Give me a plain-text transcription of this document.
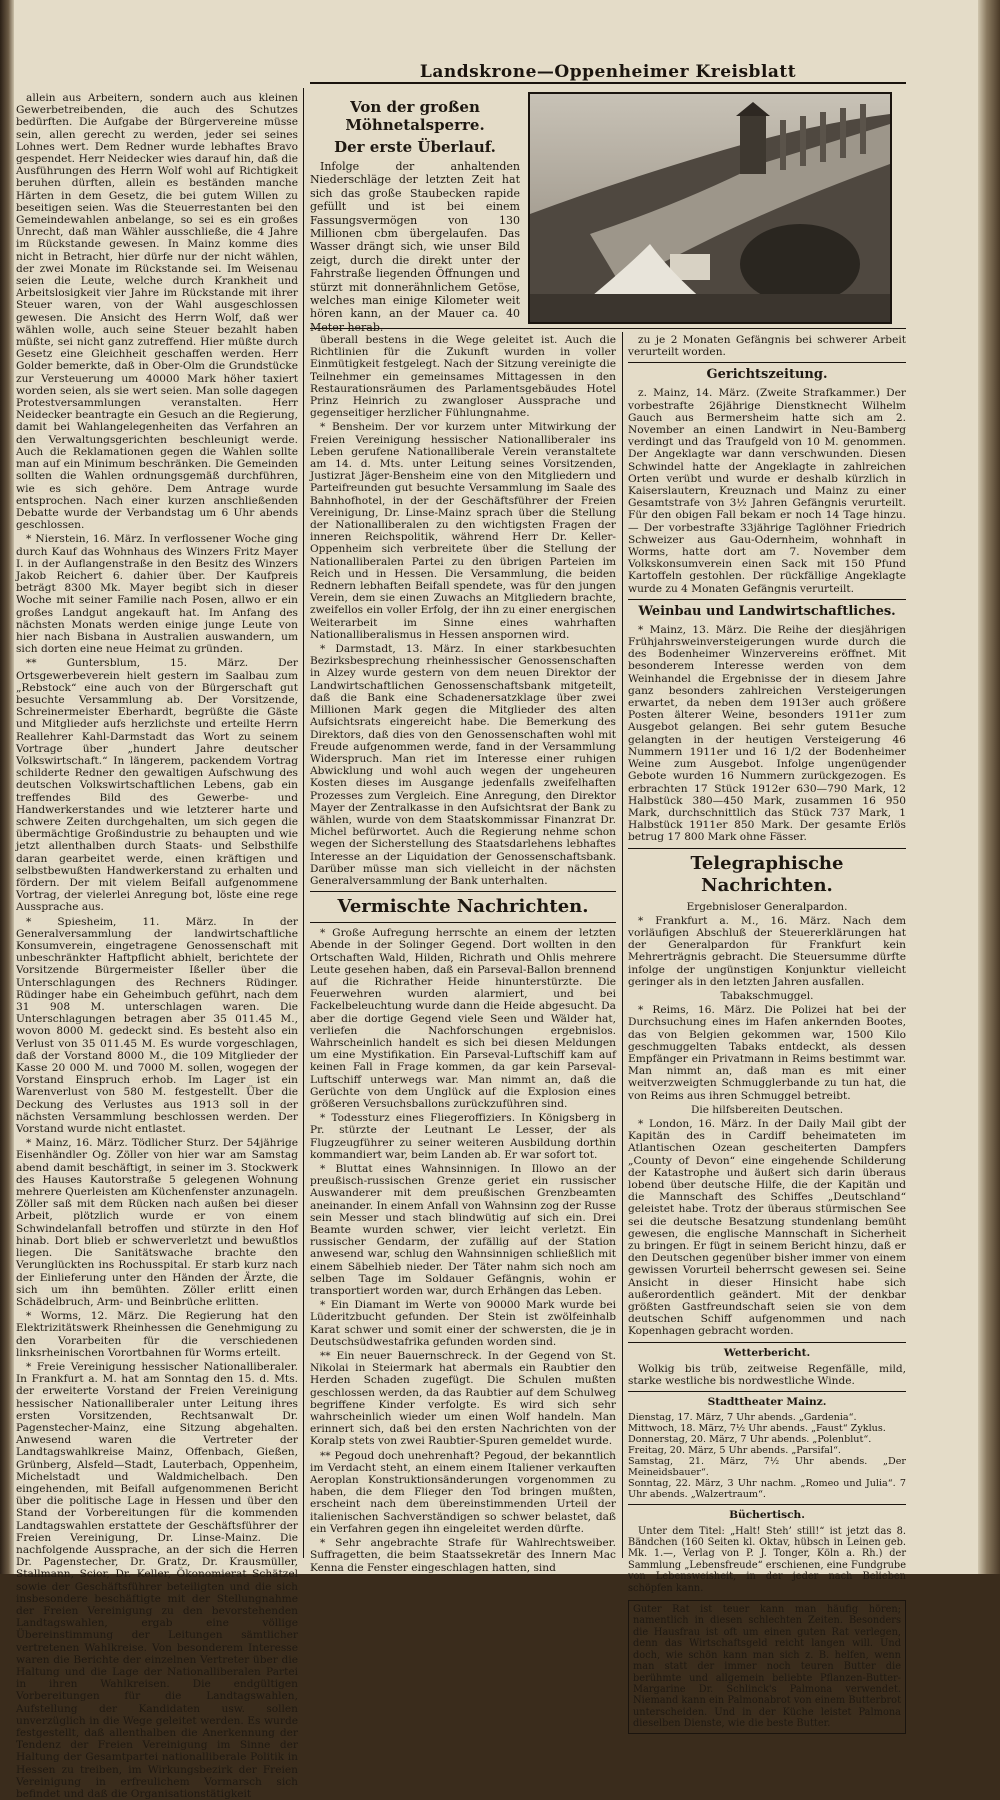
Landskrone—Oppenheimer Kreisblatt

allein aus Arbeitern, sondern auch aus kleinen Gewerbetreibenden, die auch des Schutzes bedürften. Die Aufgabe der Bürgervereine müsse sein, allen gerecht zu werden, jeder sei seines Lohnes wert. Dem Redner wurde lebhaftes Bravo gespendet. Herr Neidecker wies darauf hin, daß die Ausführungen des Herrn Wolf wohl auf Richtigkeit beruhen dürften, allein es beständen manche Härten in dem Gesetz, die bei gutem Willen zu beseitigen seien. Was die Steuerrestanten bei den Gemeindewahlen anbelange, so sei es ein großes Unrecht, daß man Wähler ausschließe, die 4 Jahre im Rückstande gewesen. In Mainz komme dies nicht in Betracht, hier dürfe nur der nicht wählen, der zwei Monate im Rückstande sei. Im Weisenau seien die Leute, welche durch Krankheit und Arbeitslosigkeit vier Jahre im Rückstande mit ihrer Steuer waren, von der Wahl ausgeschlossen gewesen. Die Ansicht des Herrn Wolf, daß wer wählen wolle, auch seine Steuer bezahlt haben müßte, sei nicht ganz zutreffend. Hier müßte durch Gesetz eine Gleichheit geschaffen werden. Herr Golder bemerkte, daß in Ober-Olm die Grundstücke zur Versteuerung um 40000 Mark höher taxiert worden seien, als sie wert seien. Man solle dagegen Protestversammlungen veranstalten. Herr Neidecker beantragte ein Gesuch an die Regierung, damit bei Wahlangelegenheiten das Verfahren an den Verwaltungsgerichten beschleunigt werde. Auch die Reklamationen gegen die Wahlen sollte man auf ein Minimum beschränken. Die Gemeinden sollten die Wahlen ordnungsgemäß durchführen, wie es sich gehöre. Dem Antrage wurde entsprochen. Nach einer kurzen anschließenden Debatte wurde der Verbandstag um 6 Uhr abends geschlossen.

* Nierstein, 16. März. In verflossener Woche ging durch Kauf das Wohnhaus des Winzers Fritz Mayer I. in der Auflangenstraße in den Besitz des Winzers Jakob Reichert 6. dahier über. Der Kaufpreis beträgt 8300 Mk. Mayer begibt sich in dieser Woche mit seiner Familie nach Posen, allwo er ein großes Landgut angekauft hat. Im Anfang des nächsten Monats werden einige junge Leute von hier nach Bisbana in Australien auswandern, um sich dorten eine neue Heimat zu gründen.

** Guntersblum, 15. März. Der Ortsgewerbeverein hielt gestern im Saalbau zum „Rebstock“ eine auch von der Bürgerschaft gut besuchte Versammlung ab. Der Vorsitzende, Schreinermeister Eberhardt, begrüßte die Gäste und Mitglieder aufs herzlichste und erteilte Herrn Reallehrer Kahl-Darmstadt das Wort zu seinem Vortrage über „hundert Jahre deutscher Volkswirtschaft.“ In längerem, packendem Vortrag schilderte Redner den gewaltigen Aufschwung des deutschen Volkswirtschaftlichen Lebens, gab ein treffendes Bild des Gewerbe- und Handwerkerstandes und wie letzterer harte und schwere Zeiten durchgehalten, um sich gegen die übermächtige Großindustrie zu behaupten und wie jetzt allenthalben durch Staats- und Selbsthilfe daran gearbeitet werde, einen kräftigen und selbstbewußten Handwerkerstand zu erhalten und fördern. Der mit vielem Beifall aufgenommene Vortrag, der vielerlei Anregung bot, löste eine rege Aussprache aus.

* Spiesheim, 11. März. In der Generalversammlung der landwirtschaftliche Konsumverein, eingetragene Genossenschaft mit unbeschränkter Haftpflicht abhielt, berichtete der Vorsitzende Bürgermeister Ißeller über die Unterschlagungen des Rechners Rüdinger. Rüdinger habe ein Geheimbuch geführt, nach dem 31 908 M. unterschlagen waren. Die Unterschlagungen betragen aber 35 011.45 M., wovon 8000 M. gedeckt sind. Es besteht also ein Verlust von 35 011.45 M. Es wurde vorgeschlagen, daß der Vorstand 8000 M., die 109 Mitglieder der Kasse 20 000 M. und 7000 M. sollen, wogegen der Vorstand Einspruch erhob. Im Lager ist ein Warenverlust von 580 M. festgestellt. Über die Deckung des Verlustes aus 1913 soll in der nächsten Versammlung beschlossen werden. Der Vorstand wurde nicht entlastet.

* Mainz, 16. März. Tödlicher Sturz. Der 54jährige Eisenhändler Og. Zöller von hier war am Samstag abend damit beschäftigt, in seiner im 3. Stockwerk des Hauses Kautorstraße 5 gelegenen Wohnung mehrere Querleisten am Küchenfenster anzunageln. Zöller saß mit dem Rücken nach außen bei dieser Arbeit, plötzlich wurde er von einem Schwindelanfall betroffen und stürzte in den Hof hinab. Dort blieb er schwerverletzt und bewußtlos liegen. Die Sanitätswache brachte den Verunglückten ins Rochusspital. Er starb kurz nach der Einlieferung unter den Händen der Ärzte, die sich um ihn bemühten. Zöller erlitt einen Schädelbruch, Arm- und Beinbrüche erlitten.

* Worms, 12. März. Die Regierung hat den Elektrizitätswerk Rheinhessen die Genehmigung zu den Vorarbeiten für die verschiedenen linksrheinischen Vorortbahnen für Worms erteilt.

* Freie Vereinigung hessischer Nationalliberaler. In Frankfurt a. M. hat am Sonntag den 15. d. Mts. der erweiterte Vorstand der Freien Vereinigung hessischer Nationalliberaler unter Leitung ihres ersten Vorsitzenden, Rechtsanwalt Dr. Pagenstecher-Mainz, eine Sitzung abgehalten. Anwesend waren die Vertreter der Landtagswahlkreise Mainz, Offenbach, Gießen, Grünberg, Alsfeld—Stadt, Lauterbach, Oppenheim, Michelstadt und Waldmichelbach. Den eingehenden, mit Beifall aufgenommenen Bericht über die politische Lage in Hessen und über den Stand der Vorbereitungen für die kommenden Landtagswahlen erstattete der Geschäftsführer der Freien Vereinigung, Dr. Linse-Mainz. Die nachfolgende Aussprache, an der sich die Herren Dr. Pagenstecher, Dr. Gratz, Dr. Krausmüller, Stallmann, Scior, Dr. Keller, Ökonomierat Schätzel sowie der Geschäftsführer beteiligten und die sich insbesondere beschäftigte mit der Stellungnahme der Freien Vereinigung zu den bevorstehenden Landtagswahlen, ergab eine völlige Übereinstimmung der Leitungen sämtlicher vertretenen Wahlkreise. Von besonderem Interesse waren die Berichte der einzelnen Vertreter über die Haltung und die Lage der Nationalliberalen Partei in ihren Wahlkreisen. Die endgültigen Vorbereitungen für die Landtagswahlen, Aufstellung der Kandidaten usw. sollen unverzüglich in die Wege geleitet werden. Es wurde festgestellt, daß allenthalben die Anerkennung der Tendenz der Freien Vereinigung im Sinne der Haltung der Gesamtpartei nationalliberale Politik in Hessen zu treiben, im Wirkungsbezirk der Freien Vereinigung in erfreulichem Vormarsch sich befindet und daß die Organisationstätigkeit

Von der großen Möhnetalsperre.
Der erste Überlauf.

Infolge der anhaltenden Niederschläge der letzten Zeit hat sich das große Staubecken rapide gefüllt und ist bei einem Fassungsvermögen von 130 Millionen cbm übergelaufen. Das Wasser drängt sich, wie unser Bild zeigt, durch die direkt unter der Fahrstraße liegenden Öffnungen und stürzt mit donnerähnlichem Getöse, welches man einige Kilometer weit hören kann, an der Mauer ca. 40 Meter herab.

überall bestens in die Wege geleitet ist. Auch die Richtlinien für die Zukunft wurden in voller Einmütigkeit festgelegt. Nach der Sitzung vereinigte die Teilnehmer ein gemeinsames Mittagessen in den Restaurationsräumen des Parlamentsgebäudes Hotel Prinz Heinrich zu zwangloser Aussprache und gegenseitiger herzlicher Fühlungnahme.

* Bensheim. Der vor kurzem unter Mitwirkung der Freien Vereinigung hessischer Nationalliberaler ins Leben gerufene Nationalliberale Verein veranstaltete am 14. d. Mts. unter Leitung seines Vorsitzenden, Justizrat Jäger-Bensheim eine von den Mitgliedern und Parteifreunden gut besuchte Versammlung im Saale des Bahnhofhotel, in der der Geschäftsführer der Freien Vereinigung, Dr. Linse-Mainz sprach über die Stellung der Nationalliberalen zu den wichtigsten Fragen der inneren Reichspolitik, während Herr Dr. Keller-Oppenheim sich verbreitete über die Stellung der Nationalliberalen Partei zu den übrigen Parteien im Reich und in Hessen. Die Versammlung, die beiden Rednern lebhaften Beifall spendete, was für den jungen Verein, dem sie einen Zuwachs an Mitgliedern brachte, zweifellos ein voller Erfolg, der ihn zu einer energischen Weiterarbeit im Sinne eines wahrhaften Nationalliberalismus in Hessen anspornen wird.

* Darmstadt, 13. März. In einer starkbesuchten Bezirksbesprechung rheinhessischer Genossenschaften in Alzey wurde gestern von dem neuen Direktor der Landwirtschaftlichen Genossenschaftsbank mitgeteilt, daß die Bank eine Schadenersatzklage über zwei Millionen Mark gegen die Mitglieder des alten Aufsichtsrats eingereicht habe. Die Bemerkung des Direktors, daß dies von den Genossenschaften wohl mit Freude aufgenommen werde, fand in der Versammlung Widerspruch. Man riet im Interesse einer ruhigen Abwicklung und wohl auch wegen der ungeheuren Kosten dieses im Ausgange jedenfalls zweifelhaften Prozesses zum Vergleich. Eine Anregung, den Direktor Mayer der Zentralkasse in den Aufsichtsrat der Bank zu wählen, wurde von dem Staatskommissar Finanzrat Dr. Michel befürwortet. Auch die Regierung nehme schon wegen der Sicherstellung des Staatsdarlehens lebhaftes Interesse an der Liquidation der Genossenschaftsbank. Darüber müsse man sich vielleicht in der nächsten Generalversammlung der Bank unterhalten.

Vermischte Nachrichten.

* Große Aufregung herrschte an einem der letzten Abende in der Solinger Gegend. Dort wollten in den Ortschaften Wald, Hilden, Richrath und Ohlis mehrere Leute gesehen haben, daß ein Parseval-Ballon brennend auf die Richrather Heide hinunterstürzte. Die Feuerwehren wurden alarmiert, und bei Fackelbeleuchtung wurde dann die Heide abgesucht. Da aber die dortige Gegend viele Seen und Wälder hat, verliefen die Nachforschungen ergebnislos. Wahrscheinlich handelt es sich bei diesen Meldungen um eine Mystifikation. Ein Parseval-Luftschiff kam auf keinen Fall in Frage kommen, da gar kein Parseval-Luftschiff unterwegs war. Man nimmt an, daß die Gerüchte von dem Unglück auf die Explosion eines größeren Versuchsballons zurückzuführen sind.

* Todessturz eines Fliegeroffiziers. In Königsberg in Pr. stürzte der Leutnant Le Lesser, der als Flugzeugführer zu seiner weiteren Ausbildung dorthin kommandiert war, beim Landen ab. Er war sofort tot.

* Bluttat eines Wahnsinnigen. In Illowo an der preußisch-russischen Grenze geriet ein russischer Auswanderer mit dem preußischen Grenzbeamten aneinander. In einem Anfall von Wahnsinn zog der Russe sein Messer und stach blindwütig auf sich ein. Drei Beamte wurden schwer, vier leicht verletzt. Ein russischer Gendarm, der zufällig auf der Station anwesend war, schlug den Wahnsinnigen schließlich mit einem Säbelhieb nieder. Der Täter nahm sich noch am selben Tage im Soldauer Gefängnis, wohin er transportiert worden war, durch Erhängen das Leben.

* Ein Diamant im Werte von 90000 Mark wurde bei Lüderitzbucht gefunden. Der Stein ist zwölfeinhalb Karat schwer und somit einer der schwersten, die je in Deutschsüdwestafrika gefunden worden sind.

** Ein neuer Bauernschreck. In der Gegend von St. Nikolai in Steiermark hat abermals ein Raubtier den Herden Schaden zugefügt. Die Schulen mußten geschlossen werden, da das Raubtier auf dem Schulweg begriffene Kinder verfolgte. Es wird sich sehr wahrscheinlich wieder um einen Wolf handeln. Man erinnert sich, daß bei den ersten Nachrichten von der Koralp stets von zwei Raubtier-Spuren gemeldet wurde.

** Pegoud doch unehrenhaft? Pegoud, der bekanntlich im Verdacht steht, an einem einem Italiener verkauften Aeroplan Konstruktionsänderungen vorgenommen zu haben, die dem Flieger den Tod bringen mußten, erscheint nach dem übereinstimmenden Urteil der italienischen Sachverständigen so schwer belastet, daß ein Verfahren gegen ihn eingeleitet werden dürfte.

* Sehr angebrachte Strafe für Wahlrechtsweiber. Suffragetten, die beim Staatssekretär des Innern Mac Kenna die Fenster eingeschlagen hatten, sind

zu je 2 Monaten Gefängnis bei schwerer Arbeit verurteilt worden.

Gerichtszeitung.

z. Mainz, 14. März. (Zweite Strafkammer.) Der vorbestrafte 26jährige Dienstknecht Wilhelm Gauch aus Bermersheim hatte sich am 2. November an einen Landwirt in Neu-Bamberg verdingt und das Traufgeld von 10 M. genommen. Der Angeklagte war dann verschwunden. Diesen Schwindel hatte der Angeklagte in zahlreichen Orten verübt und wurde er deshalb kürzlich in Kaiserslautern, Kreuznach und Mainz zu einer Gesamtstrafe von 3½ Jahren Gefängnis verurteilt. Für den obigen Fall bekam er noch 14 Tage hinzu. — Der vorbestrafte 33jährige Taglöhner Friedrich Schweizer aus Gau-Odernheim, wohnhaft in Worms, hatte dort am 7. November dem Volkskonsumverein einen Sack mit 150 Pfund Kartoffeln gestohlen. Der rückfällige Angeklagte wurde zu 4 Monaten Gefängnis verurteilt.

Weinbau und Landwirtschaftliches.

* Mainz, 13. März. Die Reihe der diesjährigen Frühjahrsweinversteigerungen wurde durch die des Bodenheimer Winzervereins eröffnet. Mit besonderem Interesse werden von dem Weinhandel die Ergebnisse der in diesem Jahre ganz besonders zahlreichen Versteigerungen erwartet, da neben dem 1913er auch größere Posten älterer Weine, besonders 1911er zum Ausgebot gelangen. Bei sehr gutem Besuche gelangten in der heutigen Versteigerung 46 Nummern 1911er und 16 1/2 der Bodenheimer Weine zum Ausgebot. Infolge ungenügender Gebote wurden 16 Nummern zurückgezogen. Es erbrachten 17 Stück 1912er 630—790 Mark, 12 Halbstück 380—450 Mark, zusammen 16 950 Mark, durchschnittlich das Stück 737 Mark, 1 Halbstück 1911er 850 Mark. Der gesamte Erlös betrug 17 800 Mark ohne Fässer.

Telegraphische Nachrichten.
Ergebnisloser Generalpardon.

* Frankfurt a. M., 16. März. Nach dem vorläufigen Abschluß der Steuererklärungen hat der Generalpardon für Frankfurt kein Mehrerträgnis gebracht. Die Steuersumme dürfte infolge der ungünstigen Konjunktur vielleicht geringer als in den letzten Jahren ausfallen.

Tabakschmuggel.

* Reims, 16. März. Die Polizei hat bei der Durchsuchung eines im Hafen ankernden Bootes, das von Belgien gekommen war, 1500 Kilo geschmuggelten Tabaks entdeckt, als dessen Empfänger ein Privatmann in Reims bestimmt war. Man nimmt an, daß man es mit einer weitverzweigten Schmugglerbande zu tun hat, die von Reims aus ihren Schmuggel betreibt.

Die hilfsbereiten Deutschen.

* London, 16. März. In der Daily Mail gibt der Kapitän des in Cardiff beheimateten im Atlantischen Ozean gescheiterten Dampfers „County of Devon“ eine eingehende Schilderung der Katastrophe und äußert sich darin überaus lobend über deutsche Hilfe, die der Kapitän und die Mannschaft des Schiffes „Deutschland“ geleistet habe. Trotz der überaus stürmischen See sei die deutsche Besatzung stundenlang bemüht gewesen, die englische Mannschaft in Sicherheit zu bringen. Er fügt in seinem Bericht hinzu, daß er den Deutschen gegenüber bisher immer von einem gewissen Vorurteil beherrscht gewesen sei. Seine Ansicht in dieser Hinsicht habe sich außerordentlich geändert. Mit der denkbar größten Gastfreundschaft seien sie von dem deutschen Schiff aufgenommen und nach Kopenhagen gebracht worden.

Wetterbericht.

Wolkig bis trüb, zeitweise Regenfälle, mild, starke westliche bis nordwestliche Winde.

Stadttheater Mainz.
Dienstag, 17. März, 7 Uhr abends. „Gardenia“.
Mittwoch, 18. März, 7½ Uhr abends. „Faust“ Zyklus.
Donnerstag, 20. März, 7 Uhr abends. „Polenblut“.
Freitag, 20. März, 5 Uhr abends. „Parsifal“.
Samstag, 21. März, 7½ Uhr abends. „Der Meineidsbauer“.
Sonntag, 22. März, 3 Uhr nachm. „Romeo und Julia“. 7 Uhr abends. „Walzertraum“.
Büchertisch.

Unter dem Titel: „Halt! Steh’ still!“ ist jetzt das 8. Bändchen (160 Seiten kl. Oktav, hübsch in Leinen geb. Mk. 1.—, Verlag von P. J. Tonger, Köln a. Rh.) der Sammlung „Lebensfreude“ erschienen, eine Fundgrube von Lebensweisheit, in der jeder nach Belieben schöpfen kann.

Guter Rat ist teuer kann man häufig hören; namentlich in diesen schlechten Zeiten. Besonders die Hausfrau ist oft um einen guten Rat verlegen, denn das Wirtschaftsgeld reicht langen will. Und doch, wie schön kann man sich z. B. helfen, wenn man statt der immer noch teuren Butter die berühmte und allgemein beliebte Pflanzen-Butter-Margarine Dr. Schlinck's Palmona verwendet. Niemand kann ein Palmonabrot von einem Butterbrot unterscheiden. Und in der Küche leistet Palmona dieselben Dienste, wie die beste Butter.
